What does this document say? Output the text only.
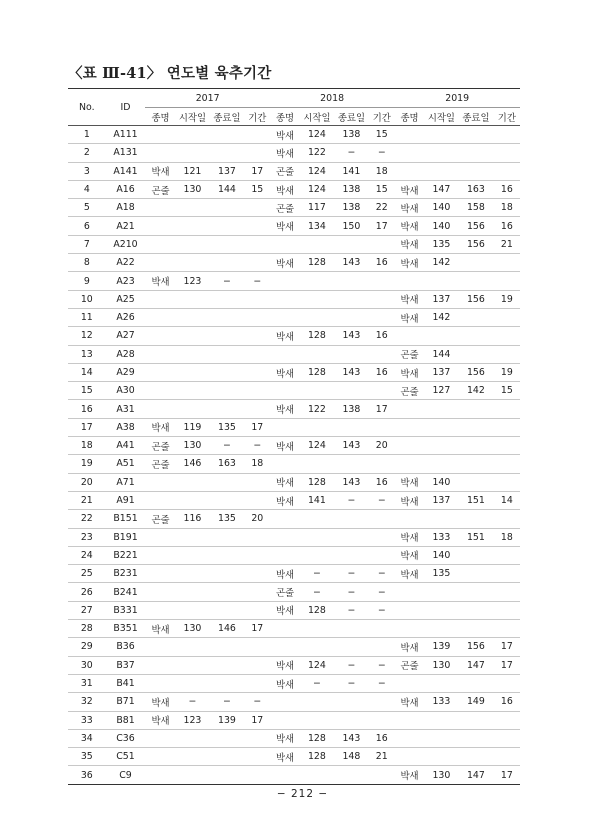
〈표 Ⅲ-41〉 연도별 육추기간
No.	ID	2017				2018				2019			
		종명	시작일	종료일	기간	종명	시작일	종료일	기간	종명	시작일	종료일	기간
1	A111					박새	124	138	15				
2	A131					박새	122	−	−				
3	A141	박새	121	137	17	곤줄	124	141	18				
4	A16	곤줄	130	144	15	박새	124	138	15	박새	147	163	16
5	A18					곤줄	117	138	22	박새	140	158	18
6	A21					박새	134	150	17	박새	140	156	16
7	A210									박새	135	156	21
8	A22					박새	128	143	16	박새	142		
9	A23	박새	123	−	−								
10	A25									박새	137	156	19
11	A26									박새	142		
12	A27					박새	128	143	16				
13	A28									곤줄	144		
14	A29					박새	128	143	16	박새	137	156	19
15	A30									곤줄	127	142	15
16	A31					박새	122	138	17				
17	A38	박새	119	135	17								
18	A41	곤줄	130	−	−	박새	124	143	20				
19	A51	곤줄	146	163	18								
20	A71					박새	128	143	16	박새	140		
21	A91					박새	141	−	−	박새	137	151	14
22	B151	곤줄	116	135	20								
23	B191									박새	133	151	18
24	B221									박새	140		
25	B231					박새	−	−	−	박새	135		
26	B241					곤줄	−	−	−				
27	B331					박새	128	−	−				
28	B351	박새	130	146	17								
29	B36									박새	139	156	17
30	B37					박새	124	−	−	곤줄	130	147	17
31	B41					박새	−	−	−				
32	B71	박새	−	−	−					박새	133	149	16
33	B81	박새	123	139	17								
34	C36					박새	128	143	16				
35	C51					박새	128	148	21				
36	C9									박새	130	147	17
− 212 −
